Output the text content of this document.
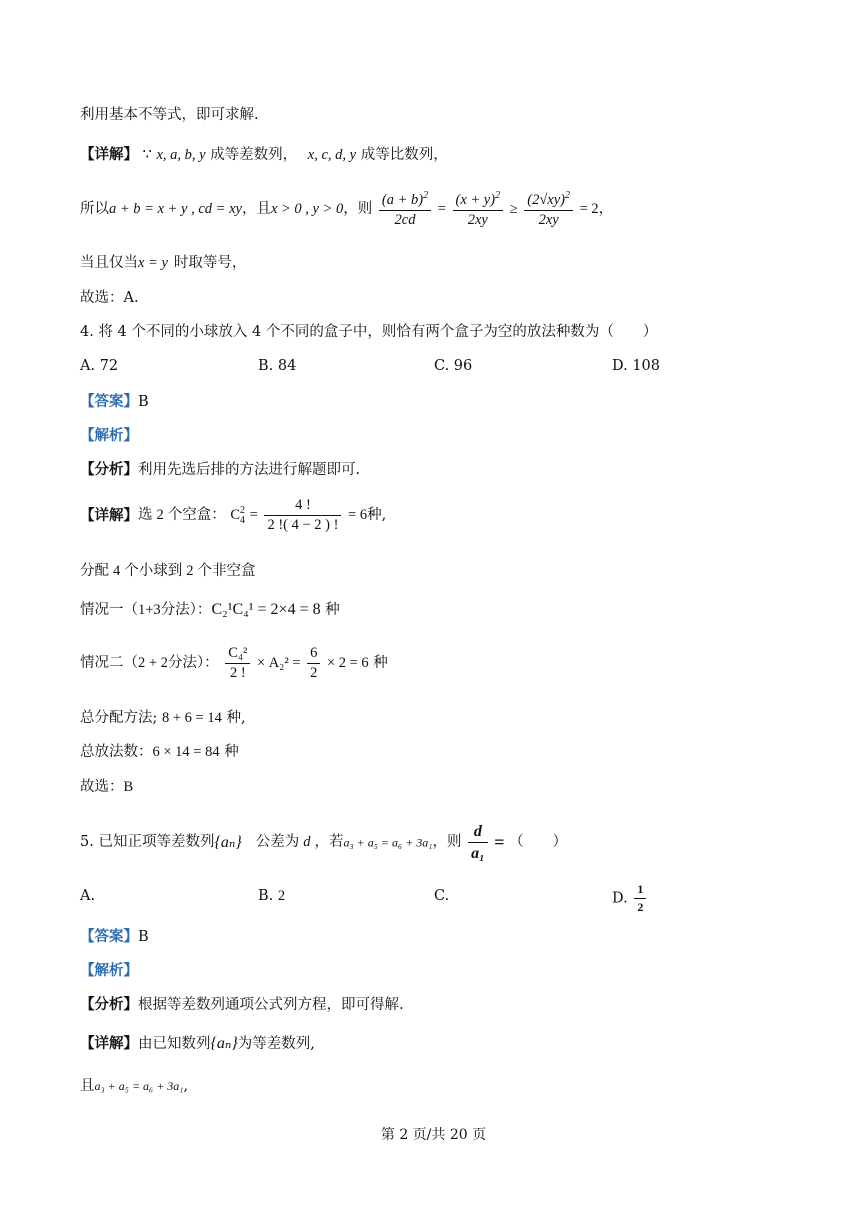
利用基本不等式，即可求解.
【详解】 ∵ x, a, b, y 成等差数列， x, c, d, y 成等比数列，
所以a + b = x + y , cd = xy，且x > 0 , y > 0，则 $\frac{(a + b)^2}{2cd} = \frac{(x + y)^2}{2xy} \ge \frac{(2√xy)^2}{2xy} = 2$，
当且仅当x = y 时取等号，
故选：A.
4. 将 4 个不同的小球放入 4 个不同的盒子中，则恰有两个盒子为空的放法种数为（　　）
A. 72	B. 84	C. 96	D. 108
【答案】B
【解析】
【分析】利用先选后排的方法进行解题即可.
【详解】选 2 个空盒： $C^2_4 = \frac{4 !}{2 !( 4 - 2 ) !} = 6$种,
分配 4 个小球到 2 个非空盒
情况一（1+3分法）：C₂¹C₄¹ = 2×4 = 8 种
情况二（2 + 2分法）： $\frac{\text{C₄²}}{2 !} \times A_2^2 = \frac{6}{2} \times 2 = 6$ 种
总分配方法; 8 + 6 = 14 种,
总放法数：6 × 14 = 84 种
故选：B
5. 已知正项等差数列{aₙ} 公差为 d ，若a₃ + a₅ = a₆ + 3a₁，则 $\frac{d}{\text{a₁}}$ = （　　）
A.	B. 2	C.	D. $\frac{1}{2}$
【答案】B
【解析】
【分析】根据等差数列通项公式列方程，即可得解.
【详解】由已知数列{aₙ}为等差数列,
且a₃ + a₅ = a₆ + 3a₁,
第 2 页/共 20 页
